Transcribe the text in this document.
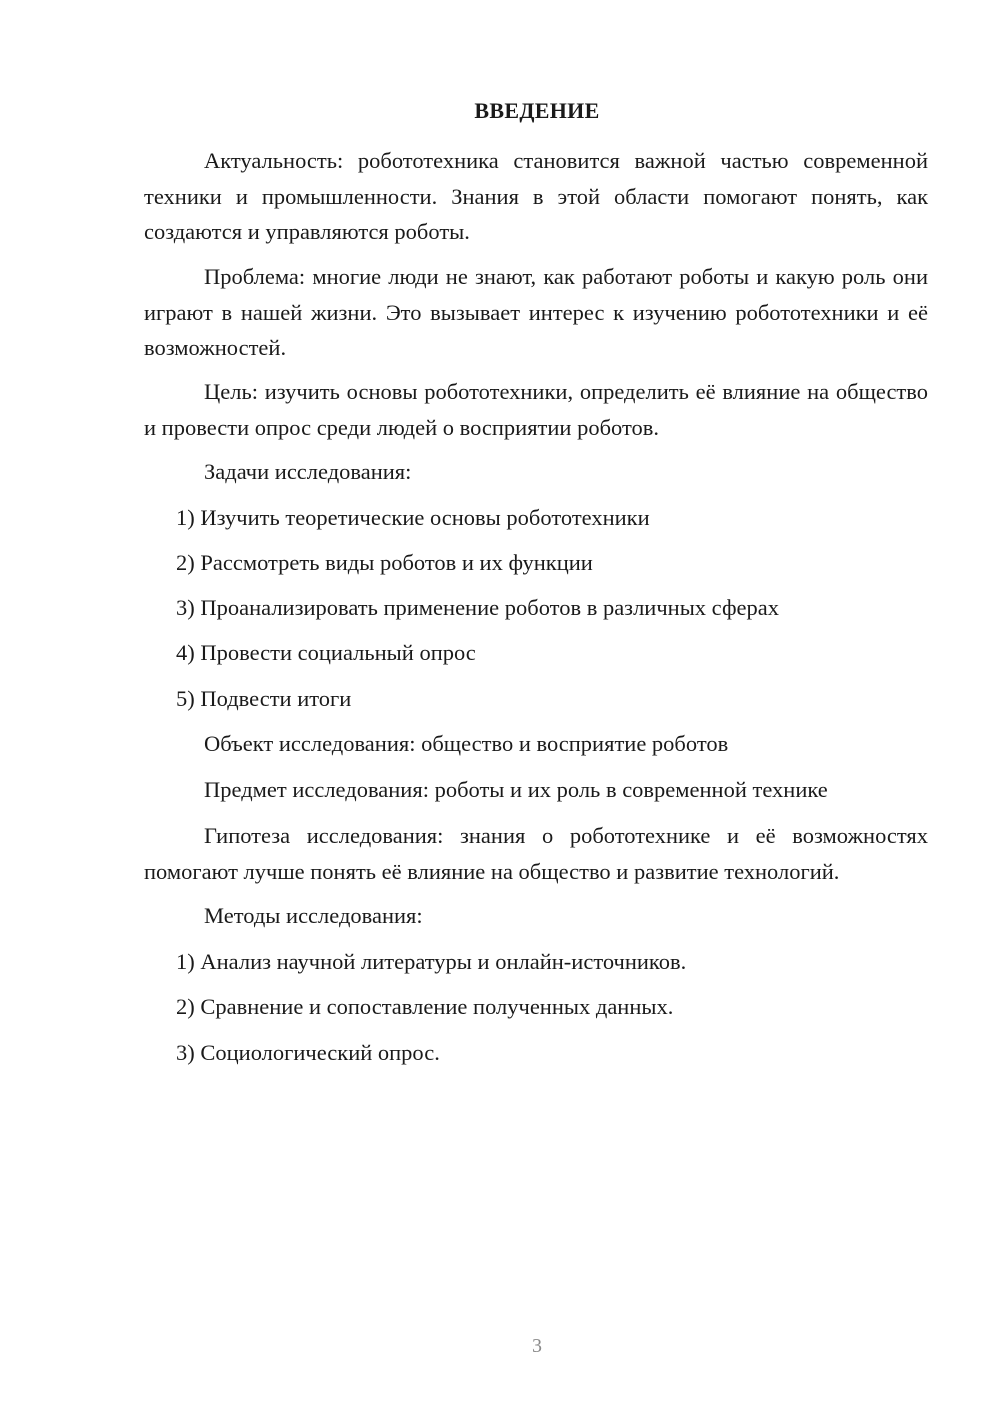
ВВЕДЕНИЕ

Актуальность: робототехника становится важной частью современной техники и промышленности. Знания в этой области помогают понять, как создаются и управляются роботы.

Проблема: многие люди не знают, как работают роботы и какую роль они играют в нашей жизни. Это вызывает интерес к изучению робототехники и её возможностей.

Цель: изучить основы робототехники, определить её влияние на общество и провести опрос среди людей о восприятии роботов.

Задачи исследования:

1) Изучить теоретические основы робототехники

2) Рассмотреть виды роботов и их функции

3) Проанализировать применение роботов в различных сферах

4) Провести социальный опрос

5) Подвести итоги

Объект исследования: общество и восприятие роботов

Предмет исследования: роботы и их роль в современной технике

Гипотеза исследования: знания о робототехнике и её возможностях помогают лучше понять её влияние на общество и развитие технологий.

Методы исследования:

1) Анализ научной литературы и онлайн-источников.

2) Сравнение и сопоставление полученных данных.

3) Социологический опрос.

3
